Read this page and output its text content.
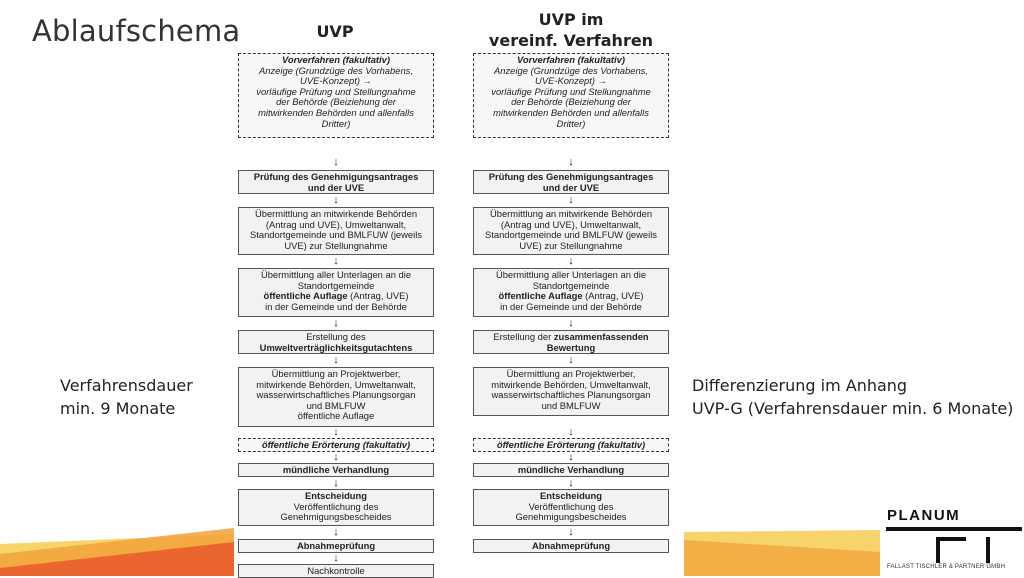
Ablaufschema	UVP
UVP im
vereinf. Verfahren
Verfahrensdauer
min. 9 Monate
Differenzierung im Anhang
UVP-G (Verfahrensdauer min. 6 Monate)
Vorverfahren (fakultativ)
Anzeige (Grundzüge des Vorhabens,
UVE-Konzept) →
vorläufige Prüfung und Stellungnahme
der Behörde (Beiziehung der
mitwirkenden Behörden und allenfalls
Dritter)
↓
Prüfung des Genehmigungsantrages
und der UVE
↓
Übermittlung an mitwirkende Behörden
(Antrag und UVE), Umweltanwalt,
Standortgemeinde und BMLFUW (jeweils
UVE) zur Stellungnahme
↓
Übermittlung aller Unterlagen an die
Standortgemeinde
öffentliche Auflage (Antrag, UVE)
in der Gemeinde und der Behörde
↓
Erstellung des
Umweltverträglichkeitsgutachtens
↓
Übermittlung an Projektwerber,
mitwirkende Behörden, Umweltanwalt,
wasserwirtschaftliches Planungsorgan
und BMLFUW
öffentliche Auflage
↓
öffentliche Erörterung (fakultativ)
↓
mündliche Verhandlung
↓
Entscheidung
Veröffentlichung des
Genehmigungsbescheides
↓
Abnahmeprüfung
↓
Nachkontrolle
Vorverfahren (fakultativ)
Anzeige (Grundzüge des Vorhabens,
UVE-Konzept) →
vorläufige Prüfung und Stellungnahme
der Behörde (Beiziehung der
mitwirkenden Behörden und allenfalls
Dritter)
↓
Prüfung des Genehmigungsantrages
und der UVE
↓
Übermittlung an mitwirkende Behörden
(Antrag und UVE), Umweltanwalt,
Standortgemeinde und BMLFUW (jeweils
UVE) zur Stellungnahme
↓
Übermittlung aller Unterlagen an die
Standortgemeinde
öffentliche Auflage (Antrag, UVE)
in der Gemeinde und der Behörde
↓
Erstellung der zusammenfassenden
Bewertung
↓
Übermittlung an Projektwerber,
mitwirkende Behörden, Umweltanwalt,
wasserwirtschaftliches Planungsorgan
und BMLFUW
↓
öffentliche Erörterung (fakultativ)
↓
mündliche Verhandlung
↓
Entscheidung
Veröffentlichung des
Genehmigungsbescheides
↓
Abnahmeprüfung
PLANUM
FALLAST TISCHLER & PARTNER GMBH
